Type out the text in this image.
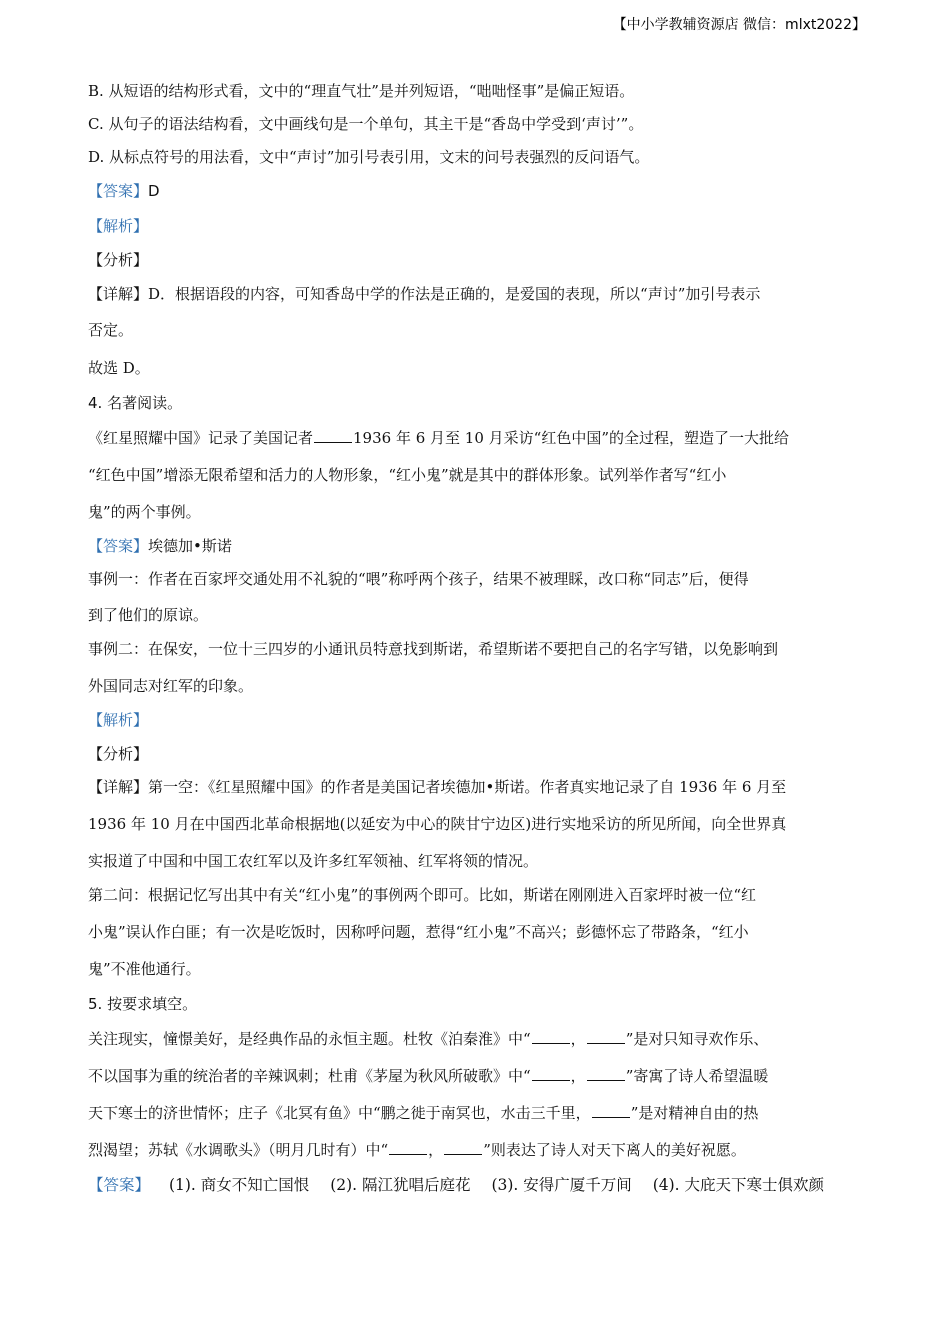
【中小学教辅资源店 微信：mlxt2022】
B. 从短语的结构形式看，文中的“理直气壮”是并列短语，“咄咄怪事”是偏正短语。
C. 从句子的语法结构看，文中画线句是一个单句，其主干是“香岛中学受到‘声讨’”。
D. 从标点符号的用法看，文中“声讨”加引号表引用，文末的问号表强烈的反问语气。
【答案】D
【解析】
【分析】
【详解】D．根据语段的内容，可知香岛中学的作法是正确的，是爱国的表现，所以“声讨”加引号表示
否定。
故选 D。
4. 名著阅读。
《红星照耀中国》记录了美国记者	1936 年 6 月至 10 月采访“红色中国”的全过程，塑造了一大批给
“红色中国”增添无限希望和活力的人物形象，“红小鬼”就是其中的群体形象。试列举作者写“红小
鬼”的两个事例。
【答案】埃德加•斯诺
事例一：作者在百家坪交通处用不礼貌的“喂”称呼两个孩子，结果不被理睬，改口称“同志”后，便得
到了他们的原谅。
事例二：在保安，一位十三四岁的小通讯员特意找到斯诺，希望斯诺不要把自己的名字写错，以免影响到
外国同志对红军的印象。
【解析】
【分析】
【详解】第一空：《红星照耀中国》的作者是美国记者埃德加•斯诺。作者真实地记录了自 1936 年 6 月至
1936 年 10 月在中国西北革命根据地(以延安为中心的陕甘宁边区)进行实地采访的所见所闻，向全世界真
实报道了中国和中国工农红军以及许多红军领袖、红军将领的情况。
第二问：根据记忆写出其中有关“红小鬼”的事例两个即可。比如，斯诺在刚刚进入百家坪时被一位“红
小鬼”误认作白匪；有一次是吃饭时，因称呼问题，惹得“红小鬼”不高兴；彭德怀忘了带路条，“红小
鬼”不准他通行。
5. 按要求填空。
关注现实，憧憬美好，是经典作品的永恒主题。杜牧《泊秦淮》中“	，	”是对只知寻欢作乐、
不以国事为重的统治者的辛辣讽刺；杜甫《茅屋为秋风所破歌》中“	，	”寄寓了诗人希望温暖
天下寒士的济世情怀；庄子《北冥有鱼》中“鹏之徙于南冥也，水击三千里，	”是对精神自由的热
烈渴望；苏轼《水调歌头》（明月几时有）中“	，	”则表达了诗人对天下离人的美好祝愿。
【答案】 (1). 商女不知亡国恨 (2). 隔江犹唱后庭花 (3). 安得广厦千万间 (4). 大庇天下寒士俱欢颜
